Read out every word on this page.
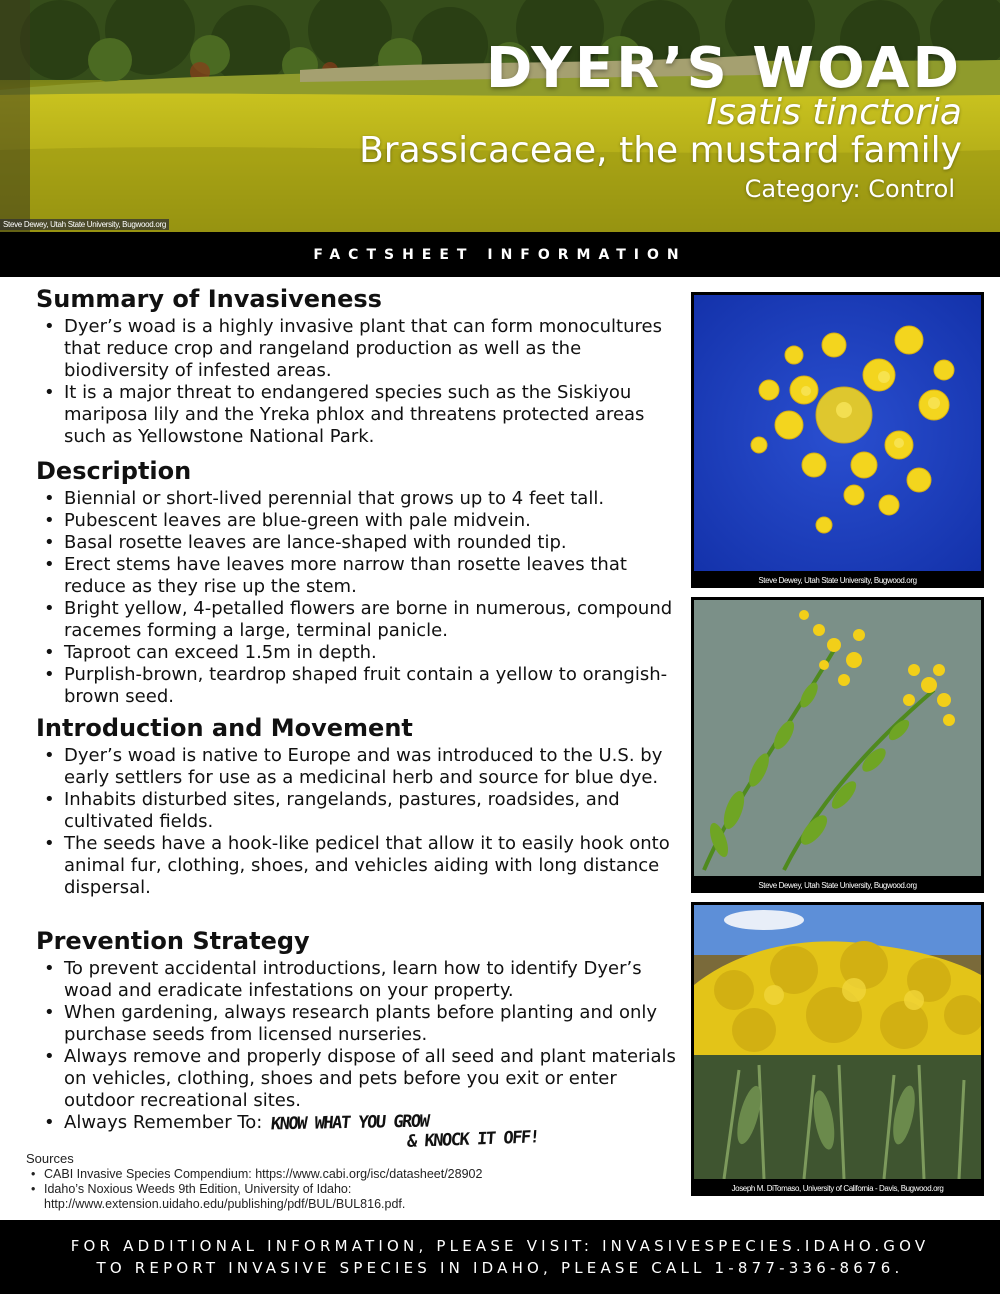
DYER’S WOAD
Isatis tinctoria
Brassicaceae, the mustard family
Category: Control
Steve Dewey, Utah State University, Bugwood.org
FACTSHEET INFORMATION
Summary of Invasiveness
• Dyer’s woad is a highly invasive plant that can form monocultures that reduce crop and rangeland production as well as the biodiversity of infested areas.
• It is a major threat to endangered species such as the Siskiyou mariposa lily and the Yreka phlox and threatens protected areas such as Yellowstone National Park.
Description
• Biennial or short-lived perennial that grows up to 4 feet tall.
• Pubescent leaves are blue-green with pale midvein.
• Basal rosette leaves are lance-shaped with rounded tip.
• Erect stems have leaves more narrow than rosette leaves that reduce as they rise up the stem.
• Bright yellow, 4-petalled flowers are borne in numerous, compound racemes forming a large, terminal panicle.
• Taproot can exceed 1.5m in depth.
• Purplish-brown, teardrop shaped fruit contain a yellow to orangish-brown seed.
Introduction and Movement
• Dyer’s woad is native to Europe and was introduced to the U.S. by early settlers for use as a medicinal herb and source for blue dye.
• Inhabits disturbed sites, rangelands, pastures, roadsides, and cultivated fields.
• The seeds have a hook-like pedicel that allow it to easily hook onto animal fur, clothing, shoes, and vehicles aiding with long distance dispersal.
Prevention Strategy
• To prevent accidental introductions, learn how to identify Dyer’s woad and eradicate infestations on your property.
• When gardening, always research plants before planting and only purchase seeds from licensed nurseries.
• Always remove and properly dispose of all seed and plant materials on vehicles, clothing, shoes and pets before you exit or enter outdoor recreational sites.
• Always Remember To: KNOW WHAT YOU GROW
& KNOCK IT OFF!
Sources
• CABI Invasive Species Compendium: https://www.cabi.org/isc/datasheet/28902
• Idaho’s Noxious Weeds 9th Edition, University of Idaho: http://www.extension.uidaho.edu/publishing/pdf/BUL/BUL816.pdf.
Steve Dewey, Utah State University, Bugwood.org
Steve Dewey, Utah State University, Bugwood.org
Joseph M. DiTomaso, University of California - Davis, Bugwood.org
FOR ADDITIONAL INFORMATION, PLEASE VISIT: INVASIVESPECIES.IDAHO.GOV
TO REPORT INVASIVE SPECIES IN IDAHO, PLEASE CALL 1-877-336-8676.
